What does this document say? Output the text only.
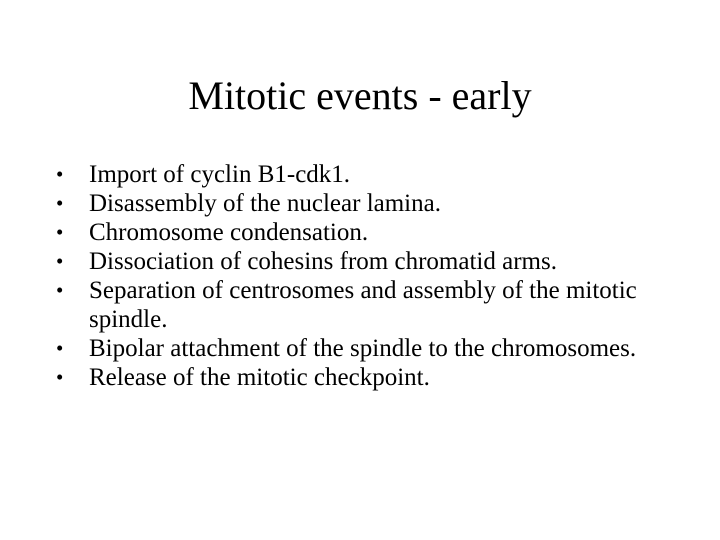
Mitotic events - early
•	Import of cyclin B1-cdk1.
•	Disassembly of the nuclear lamina.
•	Chromosome condensation.
•	Dissociation of cohesins from chromatid arms.
•	Separation of centrosomes and assembly of the mitotic spindle.
•	Bipolar attachment of the spindle to the chromosomes.
•	Release of the mitotic checkpoint.
